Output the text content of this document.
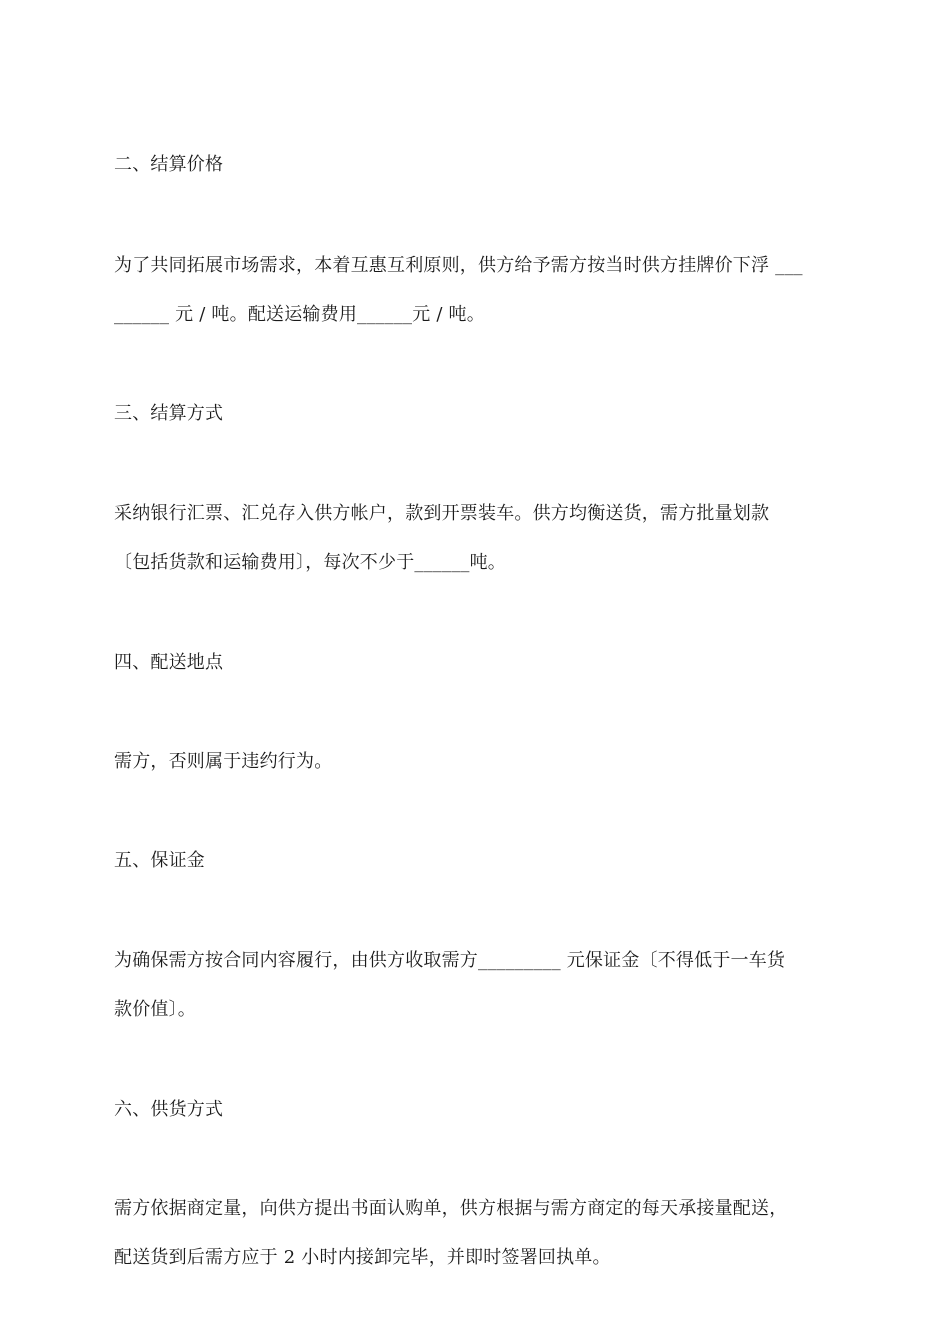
二、结算价格
为了共同拓展市场需求，本着互惠互利原则，供方给予需方按当时供方挂牌价下浮 ___
______ 元 / 吨。配送运输费用______元 / 吨。
三、结算方式
采纳银行汇票、汇兑存入供方帐户，款到开票装车。供方均衡送货，需方批量划款
〔包括货款和运输费用〕，每次不少于______吨。
四、配送地点
需方，否则属于违约行为。
五、保证金
为确保需方按合同内容履行，由供方收取需方_________ 元保证金〔不得低于一车货
款价值〕。
六、供货方式
需方依据商定量，向供方提出书面认购单，供方根据与需方商定的每天承接量配送，
配送货到后需方应于 2 小时内接卸完毕，并即时签署回执单。
